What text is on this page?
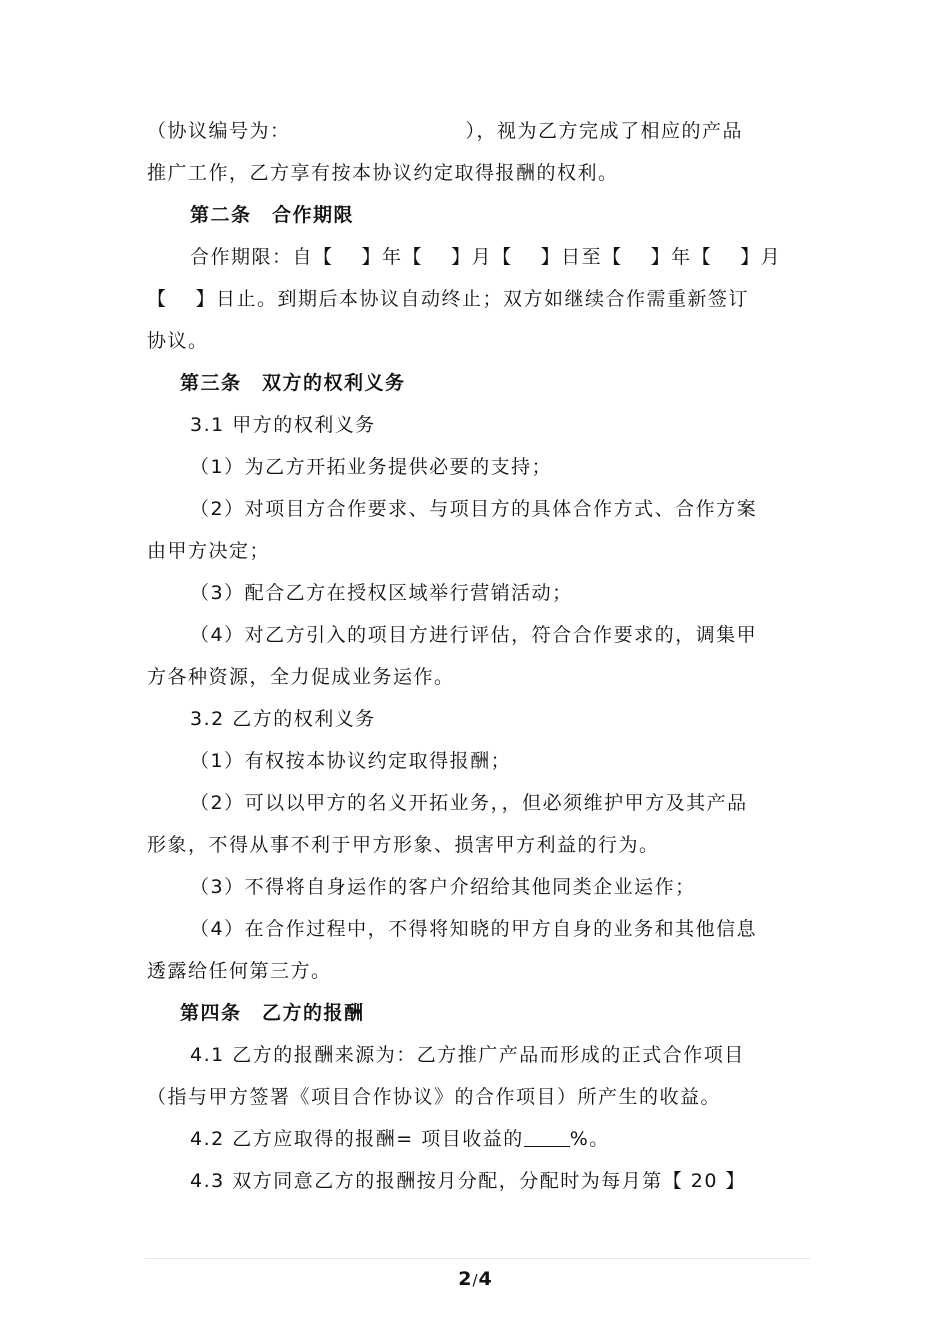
（协议编号为：　　　　　　　　　），视为乙方完成了相应的产品
推广工作，乙方享有按本协议约定取得报酬的权利。
第二条　合作期限
合作期限：自【　 】年【　 】月【　 】日至【　 】年【　 】月
【　 】日止。到期后本协议自动终止；双方如继续合作需重新签订
协议。
第三条　双方的权利义务
3.1 甲方的权利义务
（1）为乙方开拓业务提供必要的支持；
（2）对项目方合作要求、与项目方的具体合作方式、合作方案
由甲方决定；
（3）配合乙方在授权区域举行营销活动；
（4）对乙方引入的项目方进行评估，符合合作要求的，调集甲
方各种资源，全力促成业务运作。
3.2 乙方的权利义务
（1）有权按本协议约定取得报酬；
（2）可以以甲方的名义开拓业务，，但必须维护甲方及其产品
形象，不得从事不利于甲方形象、损害甲方利益的行为。
（3）不得将自身运作的客户介绍给其他同类企业运作；
（4）在合作过程中，不得将知晓的甲方自身的业务和其他信息
透露给任何第三方。
第四条　乙方的报酬
4.1 乙方的报酬来源为：乙方推广产品而形成的正式合作项目
（指与甲方签署《项目合作协议》的合作项目）所产生的收益。
4.2 乙方应取得的报酬= 项目收益的 %。
4.3 双方同意乙方的报酬按月分配，分配时为每月第【 20 】
2/4
